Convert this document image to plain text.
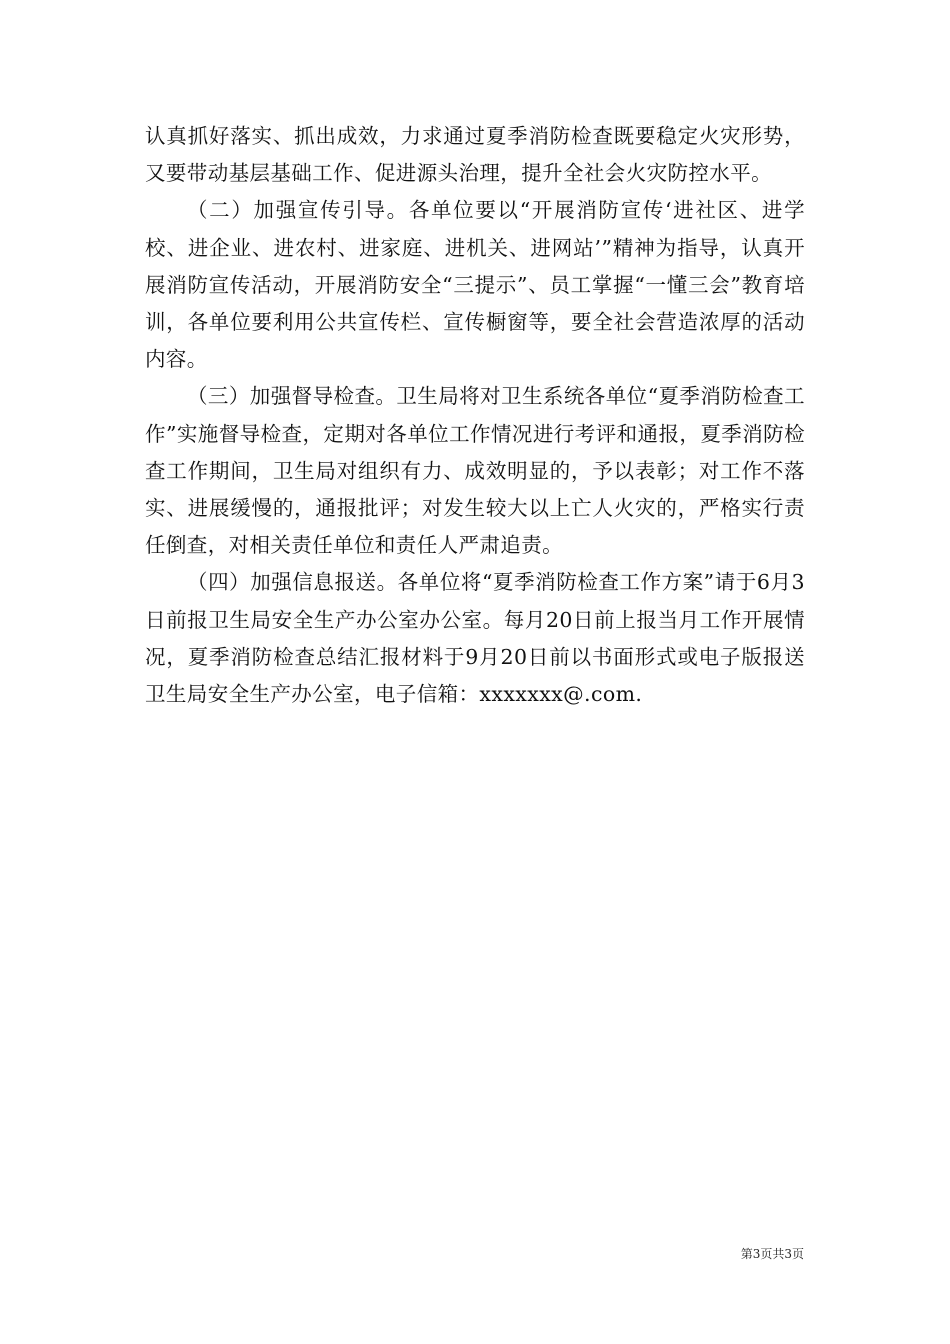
认真抓好落实、抓出成效，力求通过夏季消防检查既要稳定火灾形势，又要带动基层基础工作、促进源头治理，提升全社会火灾防控水平。

（二）加强宣传引导。各单位要以“开展消防宣传‘进社区、进学校、进企业、进农村、进家庭、进机关、进网站’”精神为指导，认真开展消防宣传活动，开展消防安全“三提示”、员工掌握“一懂三会”教育培训，各单位要利用公共宣传栏、宣传橱窗等，要全社会营造浓厚的活动内容。

（三）加强督导检查。卫生局将对卫生系统各单位“夏季消防检查工作”实施督导检查，定期对各单位工作情况进行考评和通报，夏季消防检查工作期间，卫生局对组织有力、成效明显的，予以表彰；对工作不落实、进展缓慢的，通报批评；对发生较大以上亡人火灾的，严格实行责任倒查，对相关责任单位和责任人严肃追责。

（四）加强信息报送。各单位将“夏季消防检查工作方案”请于6月3日前报卫生局安全生产办公室办公室。每月20日前上报当月工作开展情况，夏季消防检查总结汇报材料于9月20日前以书面形式或电子版报送卫生局安全生产办公室，电子信箱：xxxxxxx@.com.

第3页共3页
